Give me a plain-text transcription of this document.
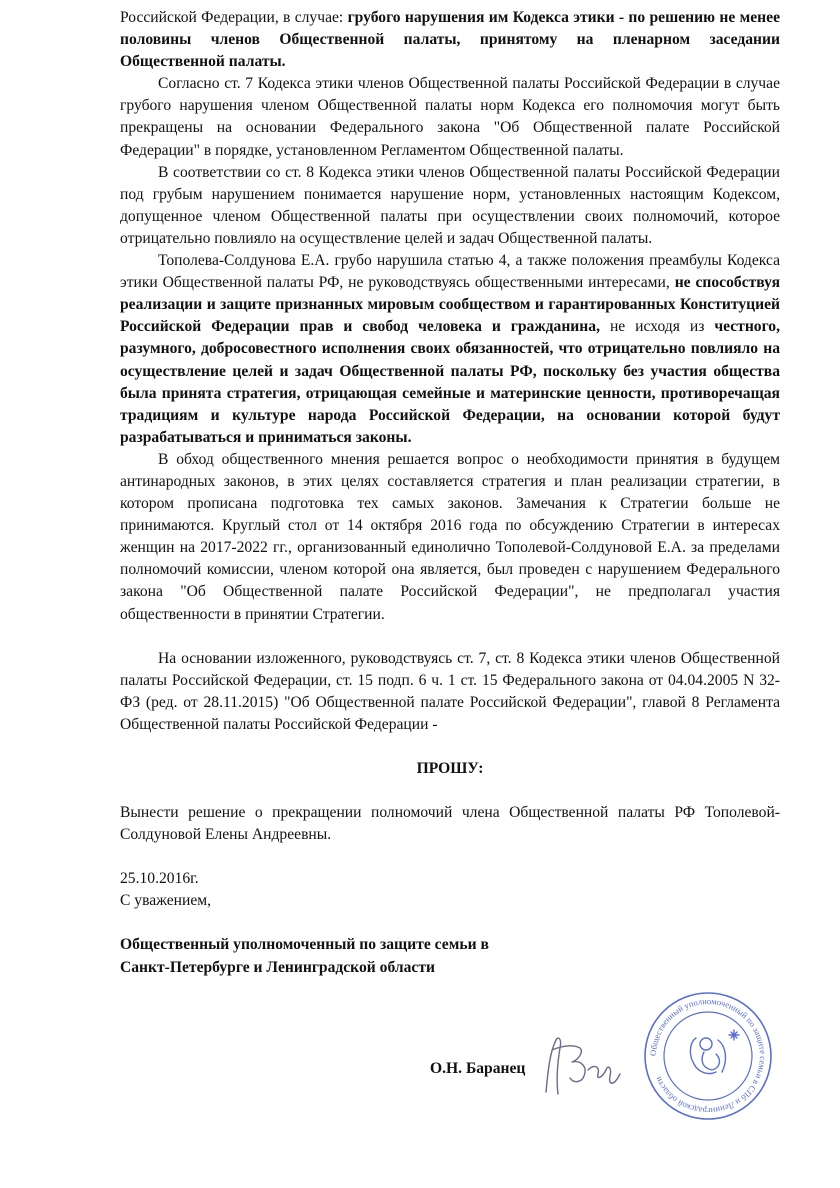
Российской Федерации, в случае: грубого нарушения им Кодекса этики - по решению не менее половины членов Общественной палаты, принятому на пленарном заседании Общественной палаты.

Согласно ст. 7 Кодекса этики членов Общественной палаты Российской Федерации в случае грубого нарушения членом Общественной палаты норм Кодекса его полномочия могут быть прекращены на основании Федерального закона "Об Общественной палате Российской Федерации" в порядке, установленном Регламентом Общественной палаты.

В соответствии со ст. 8 Кодекса этики членов Общественной палаты Российской Федерации под грубым нарушением понимается нарушение норм, установленных настоящим Кодексом, допущенное членом Общественной палаты при осуществлении своих полномочий, которое отрицательно повлияло на осуществление целей и задач Общественной палаты.

Тополева-Солдунова Е.А. грубо нарушила статью 4, а также положения преамбулы Кодекса этики Общественной палаты РФ, не руководствуясь общественными интересами, не способствуя реализации и защите признанных мировым сообществом и гарантированных Конституцией Российской Федерации прав и свобод человека и гражданина, не исходя из честного, разумного, добросовестного исполнения своих обязанностей, что отрицательно повлияло на осуществление целей и задач Общественной палаты РФ, поскольку без участия общества была принята стратегия, отрицающая семейные и материнские ценности, противоречащая традициям и культуре народа Российской Федерации, на основании которой будут разрабатываться и приниматься законы.

В обход общественного мнения решается вопрос о необходимости принятия в будущем антинародных законов, в этих целях составляется стратегия и план реализации стратегии, в котором прописана подготовка тех самых законов. Замечания к Стратегии больше не принимаются. Круглый стол от 14 октября 2016 года по обсуждению Стратегии в интересах женщин на 2017-2022 гг., организованный единолично Тополевой-Солдуновой Е.А. за пределами полномочий комиссии, членом которой она является, был проведен с нарушением Федерального закона "Об Общественной палате Российской Федерации", не предполагал участия общественности в принятии Стратегии.

На основании изложенного, руководствуясь ст. 7, ст. 8 Кодекса этики членов Общественной палаты Российской Федерации, ст. 15 подп. 6 ч. 1 ст. 15 Федерального закона от 04.04.2005 N 32-ФЗ (ред. от 28.11.2015) "Об Общественной палате Российской Федерации", главой 8 Регламента Общественной палаты Российской Федерации -

ПРОШУ:

Вынести решение о прекращении полномочий члена Общественной палаты РФ Тополевой-Солдуновой Елены Андреевны.

25.10.2016г.

С уважением,

Общественный уполномоченный по защите семьи в

Санкт-Петербурге и Ленинградской области

О.Н. Баранец
Общественный уполномоченный по защите семьи в СПб и Ленинградской области
